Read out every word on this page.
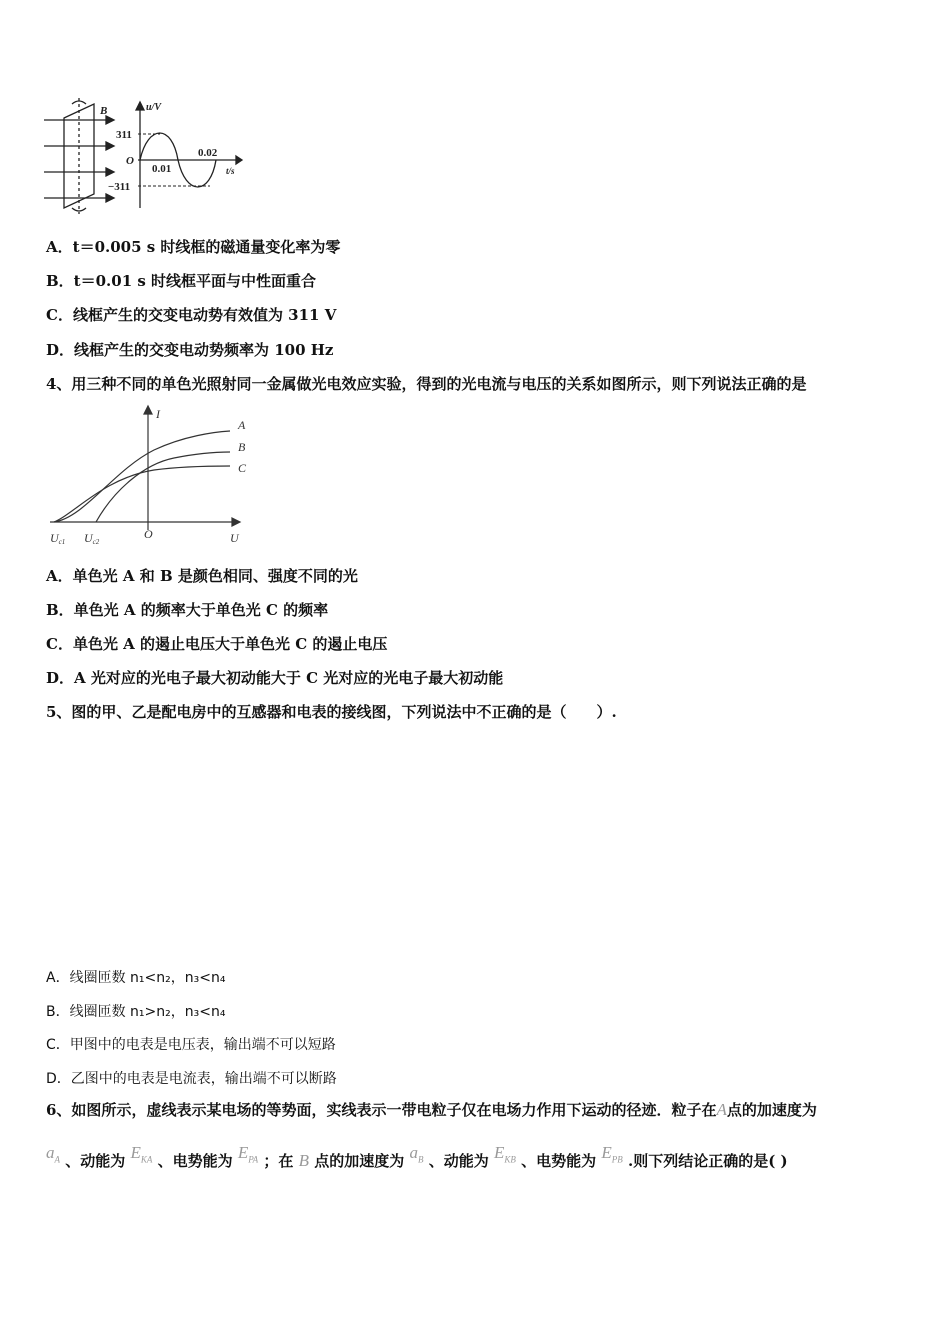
B	u/V
311
O
0.01
0.02
t/s
−311
A．t＝0.005 s 时线框的磁通量变化率为零
B．t＝0.01 s 时线框平面与中性面重合
C．线框产生的交变电动势有效值为 311 V
D．线框产生的交变电动势频率为 100 Hz
4、用三种不同的单色光照射同一金属做光电效应实验，得到的光电流与电压的关系如图所示，则下列说法正确的是
I
A
B
C
O	U
Uc1 Uc2
A．单色光 A 和 B 是颜色相同、强度不同的光
B．单色光 A 的频率大于单色光 C 的频率
C．单色光 A 的遏止电压大于单色光 C 的遏止电压
D．A 光对应的光电子最大初动能大于 C 光对应的光电子最大初动能
5、图的甲、乙是配电房中的互感器和电表的接线图，下列说法中不正确的是（　　）.
A．线圈匝数 n₁<n₂，n₃<n₄
B．线圈匝数 n₁>n₂，n₃<n₄
C．甲图中的电表是电压表，输出端不可以短路
D．乙图中的电表是电流表，输出端不可以断路
6、如图所示，虚线表示某电场的等势面，实线表示一带电粒子仅在电场力作用下运动的径迹．粒子在A点的加速度为
$a_A$ 、动能为 $E_{KA}$ 、电势能为 $E_{PA}$ ；在 B 点的加速度为 $a_B$ 、动能为 $E_{KB}$ 、电势能为 $E_{PB}$ .则下列结论正确的是( )
